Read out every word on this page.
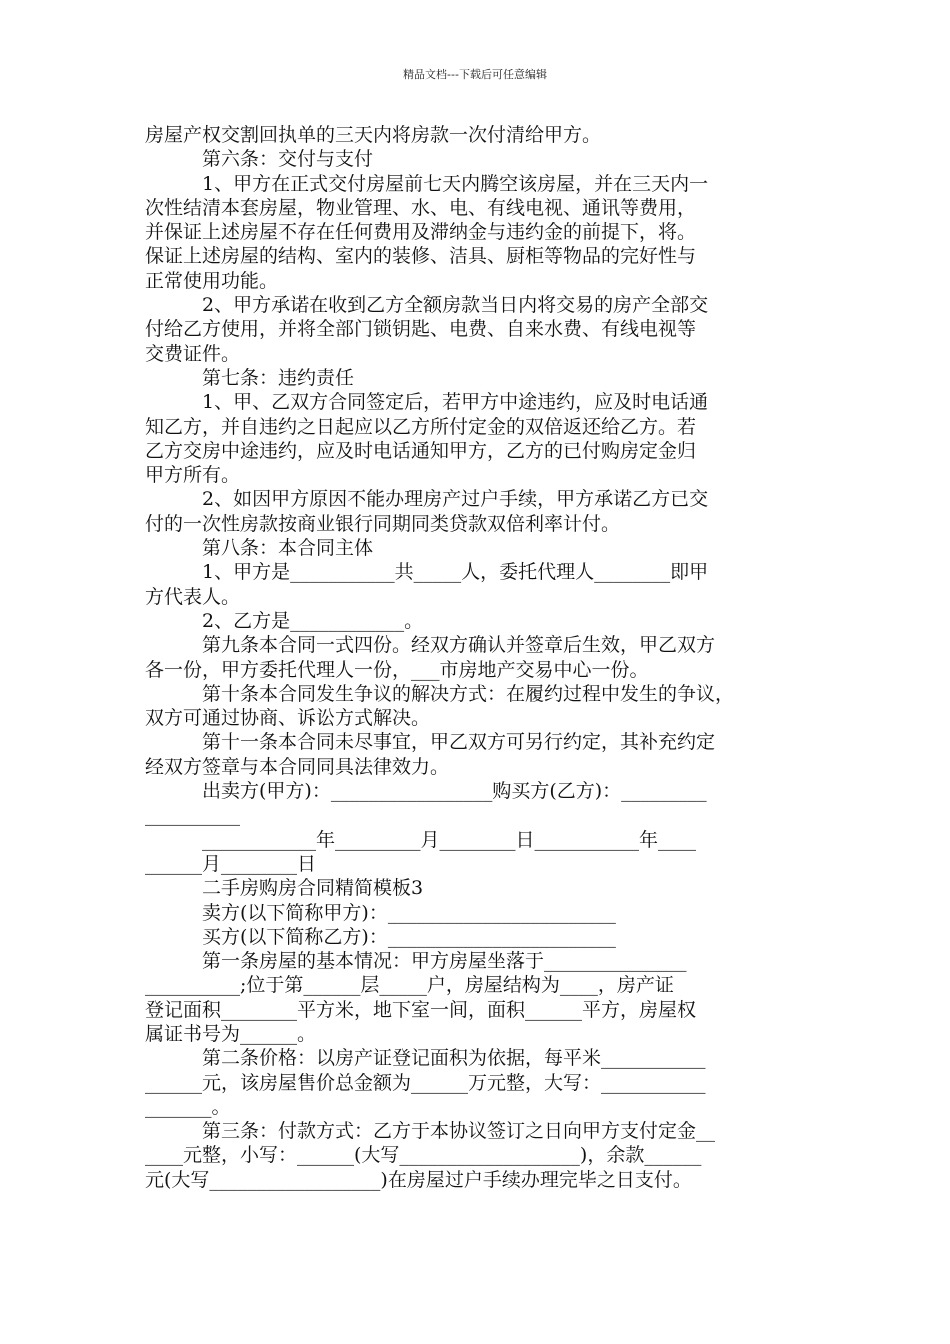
精品文档---下载后可任意编辑
房屋产权交割回执单的三天内将房款一次付清给甲方。
第六条：交付与支付
1、甲方在正式交付房屋前七天内腾空该房屋，并在三天内一
次性结清本套房屋，物业管理、水、电、有线电视、通讯等费用，
并保证上述房屋不存在任何费用及滞纳金与违约金的前提下，将。
保证上述房屋的结构、室内的装修、洁具、厨柜等物品的完好性与
正常使用功能。
2、甲方承诺在收到乙方全额房款当日内将交易的房产全部交
付给乙方使用，并将全部门锁钥匙、电费、自来水费、有线电视等
交费证件。
第七条：违约责任
1、甲、乙双方合同签定后，若甲方中途违约，应及时电话通
知乙方，并自违约之日起应以乙方所付定金的双倍返还给乙方。若
乙方交房中途违约，应及时电话通知甲方，乙方的已付购房定金归
甲方所有。
2、如因甲方原因不能办理房产过户手续，甲方承诺乙方已交
付的一次性房款按商业银行同期同类贷款双倍利率计付。
第八条：本合同主体
1、甲方是___________共_____人，委托代理人________即甲
方代表人。
2、乙方是____________。
第九条本合同一式四份。经双方确认并签章后生效，甲乙双方
各一份，甲方委托代理人一份，___市房地产交易中心一份。
第十条本合同发生争议的解决方式：在履约过程中发生的争议，
双方可通过协商、诉讼方式解决。
第十一条本合同未尽事宜，甲乙双方可另行约定，其补充约定
经双方签章与本合同同具法律效力。
出卖方(甲方)：_________________购买方(乙方)：_________
__________
____________年_________月________日___________年____
______月________日
二手房购房合同精简模板3
卖方(以下简称甲方)：________________________
买方(以下简称乙方)：________________________
第一条房屋的基本情况：甲方房屋坐落于_______________
__________;位于第______层_____户，房屋结构为____，房产证
登记面积________平方米，地下室一间，面积______平方，房屋权
属证书号为______。
第二条价格：以房产证登记面积为依据，每平米___________
______元，该房屋售价总金额为______万元整，大写：___________
_______。
第三条：付款方式：乙方于本协议签订之日向甲方支付定金__
____元整，小写：______(大写___________________)，余款______
元(大写__________________)在房屋过户手续办理完毕之日支付。
